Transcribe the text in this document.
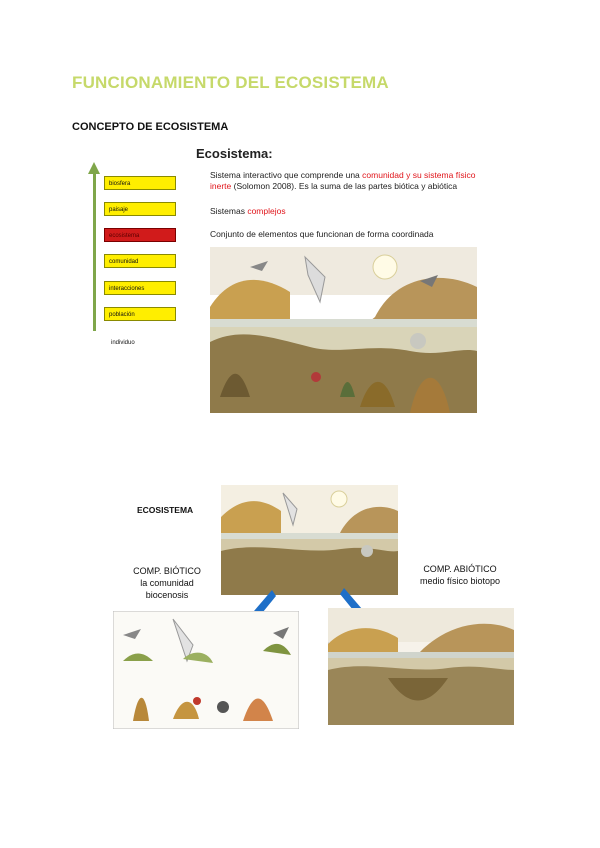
FUNCIONAMIENTO DEL ECOSISTEMA
CONCEPTO DE ECOSISTEMA
biosfera
paisaje
ecosistema
comunidad
interacciones
población
individuo
Ecosistema:
Sistema interactivo que comprende una comunidad y su sistema físico
inerte (Solomon 2008). Es la suma de las partes biótica y abiótica
Sistemas complejos
Conjunto de elementos que funcionan de forma coordinada
ECOSISTEMA
COMP. BIÓTICO
la comunidad
biocenosis
COMP. ABIÓTICO
medio físico biotopo
